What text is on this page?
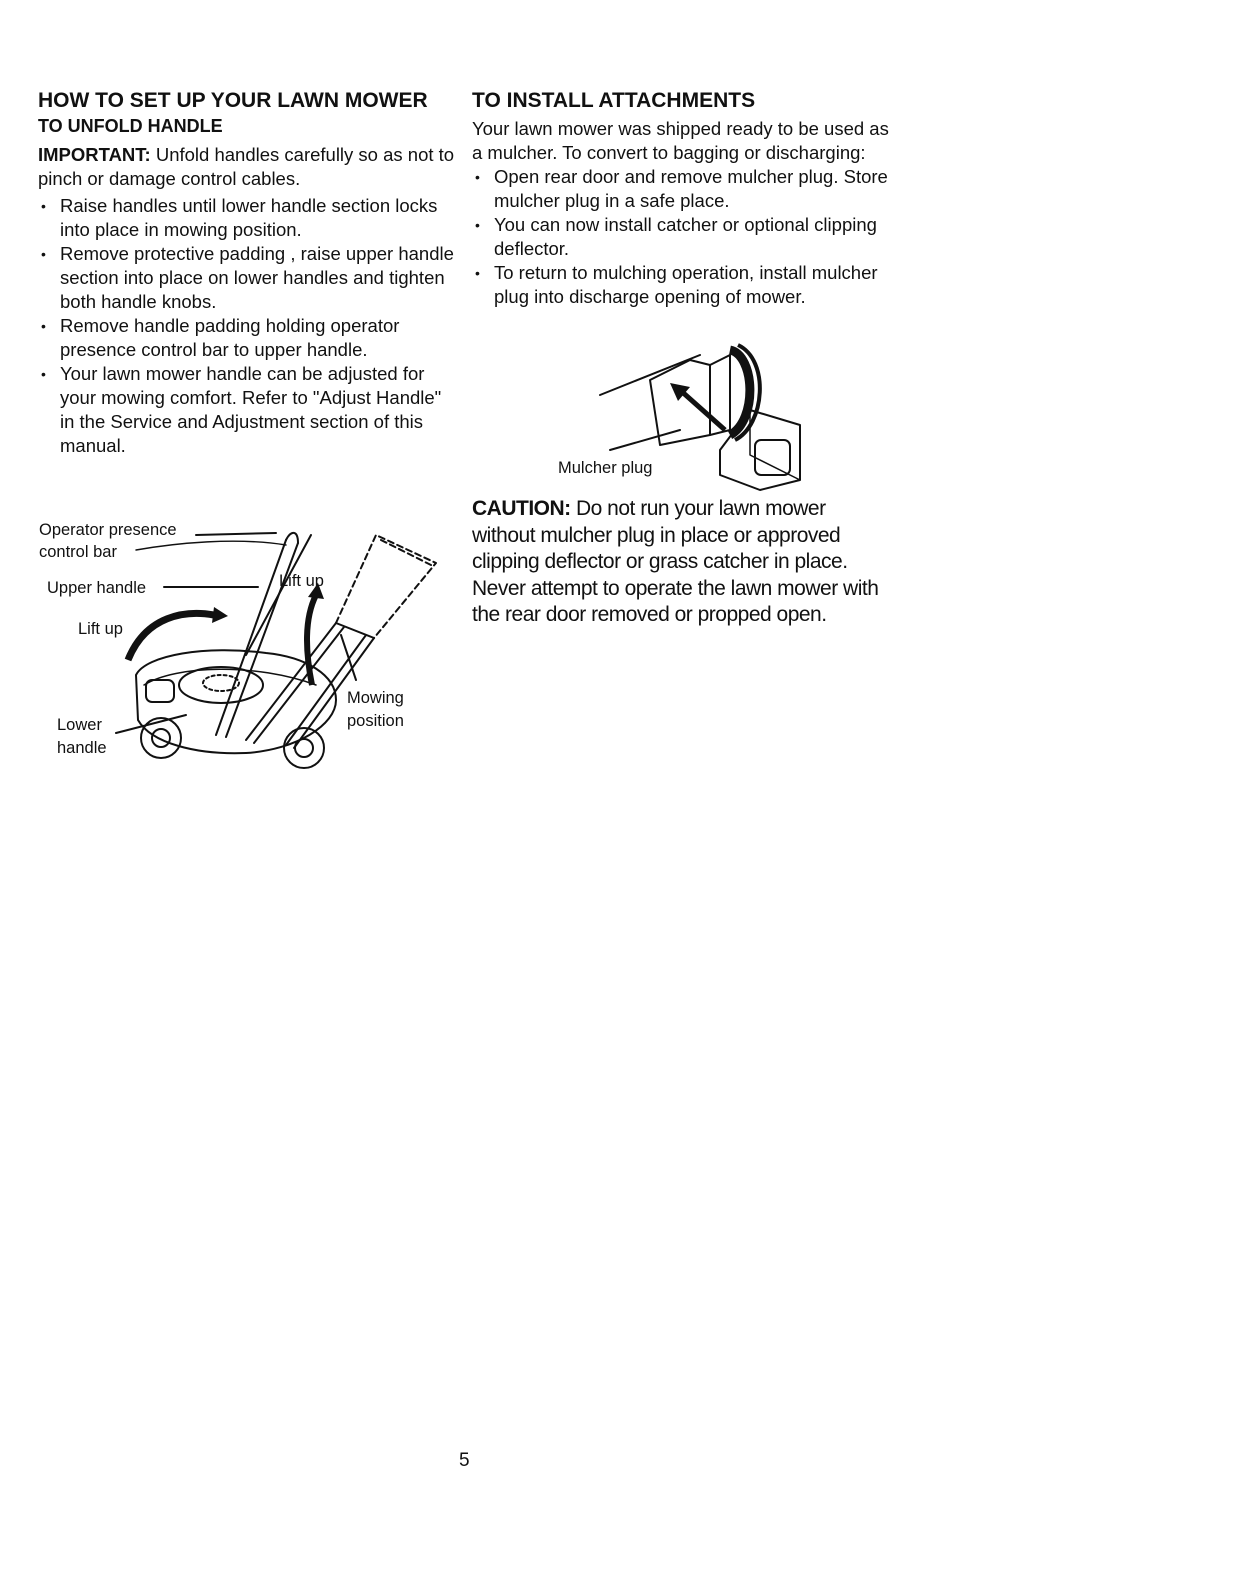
HOW TO SET UP YOUR LAWN MOWER
TO UNFOLD HANDLE

IMPORTANT: Unfold handles carefully so as not to pinch or damage control cables.

• Raise handles until lower handle section locks into place in mowing position.
• Remove protective padding , raise upper handle section into place on lower handles and tighten both handle knobs.
• Remove handle padding holding operator presence control bar to upper handle.
• Your lawn mower handle can be adjusted for your mowing comfort. Refer to "Adjust Handle" in the Service and Adjustment section of this manual.
Operator presence
control bar
Upper handle
Lift up
Lift up
Mowing
position
Lower
handle
TO INSTALL ATTACHMENTS

Your lawn mower was shipped ready to be used as a mulcher. To convert to bagging or discharging:

• Open rear door and remove mulcher plug. Store mulcher plug in a safe place.
• You can now install catcher or optional clipping deflector.
• To return to mulching operation, install mulcher plug into discharge opening of mower.
Mulcher plug

CAUTION: Do not run your lawn mower without mulcher plug in place or approved clipping deflector or grass catcher in place. Never attempt to operate the lawn mower with the rear door removed or propped open.

5
